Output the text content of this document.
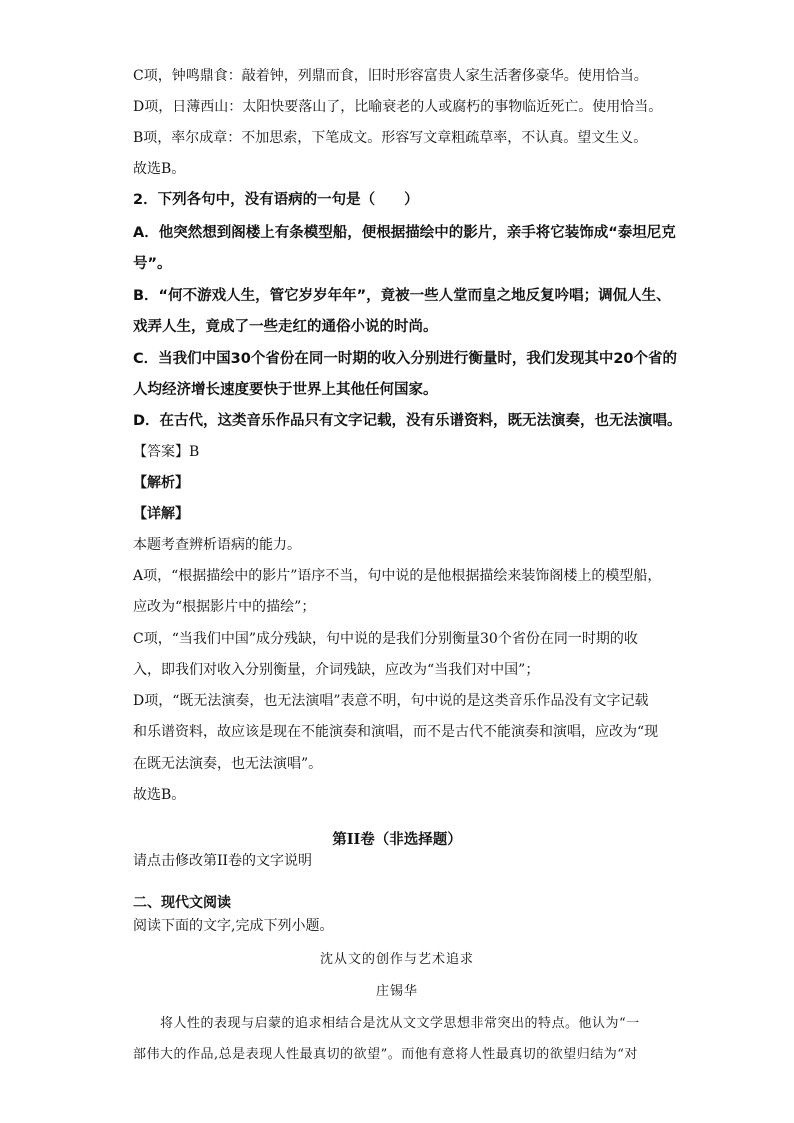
C项，钟鸣鼎食：敲着钟，列鼎而食，旧时形容富贵人家生活奢侈豪华。使用恰当。
D项，日薄西山：太阳快要落山了，比喻衰老的人或腐朽的事物临近死亡。使用恰当。
B项，率尔成章：不加思索，下笔成文。形容写文章粗疏草率，不认真。望文生义。
故选B。
2．下列各句中，没有语病的一句是（　　）
A．他突然想到阁楼上有条模型船，便根据描绘中的影片，亲手将它装饰成“泰坦尼克
号”。
B．“何不游戏人生，管它岁岁年年”，竟被一些人堂而皇之地反复吟唱；调侃人生、
戏弄人生，竟成了一些走红的通俗小说的时尚。
C．当我们中国30个省份在同一时期的收入分别进行衡量时，我们发现其中20个省的
人均经济增长速度要快于世界上其他任何国家。
D．在古代，这类音乐作品只有文字记载，没有乐谱资料，既无法演奏，也无法演唱。
【答案】B
【解析】
【详解】
本题考查辨析语病的能力。
A项，“根据描绘中的影片”语序不当，句中说的是他根据描绘来装饰阁楼上的模型船，
应改为“根据影片中的描绘”；
C项，“当我们中国”成分残缺，句中说的是我们分别衡量30个省份在同一时期的收
入，即我们对收入分别衡量，介词残缺，应改为“当我们对中国”；
D项，“既无法演奏，也无法演唱”表意不明，句中说的是这类音乐作品没有文字记载
和乐谱资料，故应该是现在不能演奏和演唱，而不是古代不能演奏和演唱，应改为“现
在既无法演奏，也无法演唱”。
故选B。
第II卷（非选择题）
请点击修改第II卷的文字说明
二、现代文阅读
阅读下面的文字,完成下列小题。
沈从文的创作与艺术追求
庄锡华
　　将人性的表现与启蒙的追求相结合是沈从文文学思想非常突出的特点。他认为“一
部伟大的作品,总是表现人性最真切的欲望”。而他有意将人性最真切的欲望归结为“对
